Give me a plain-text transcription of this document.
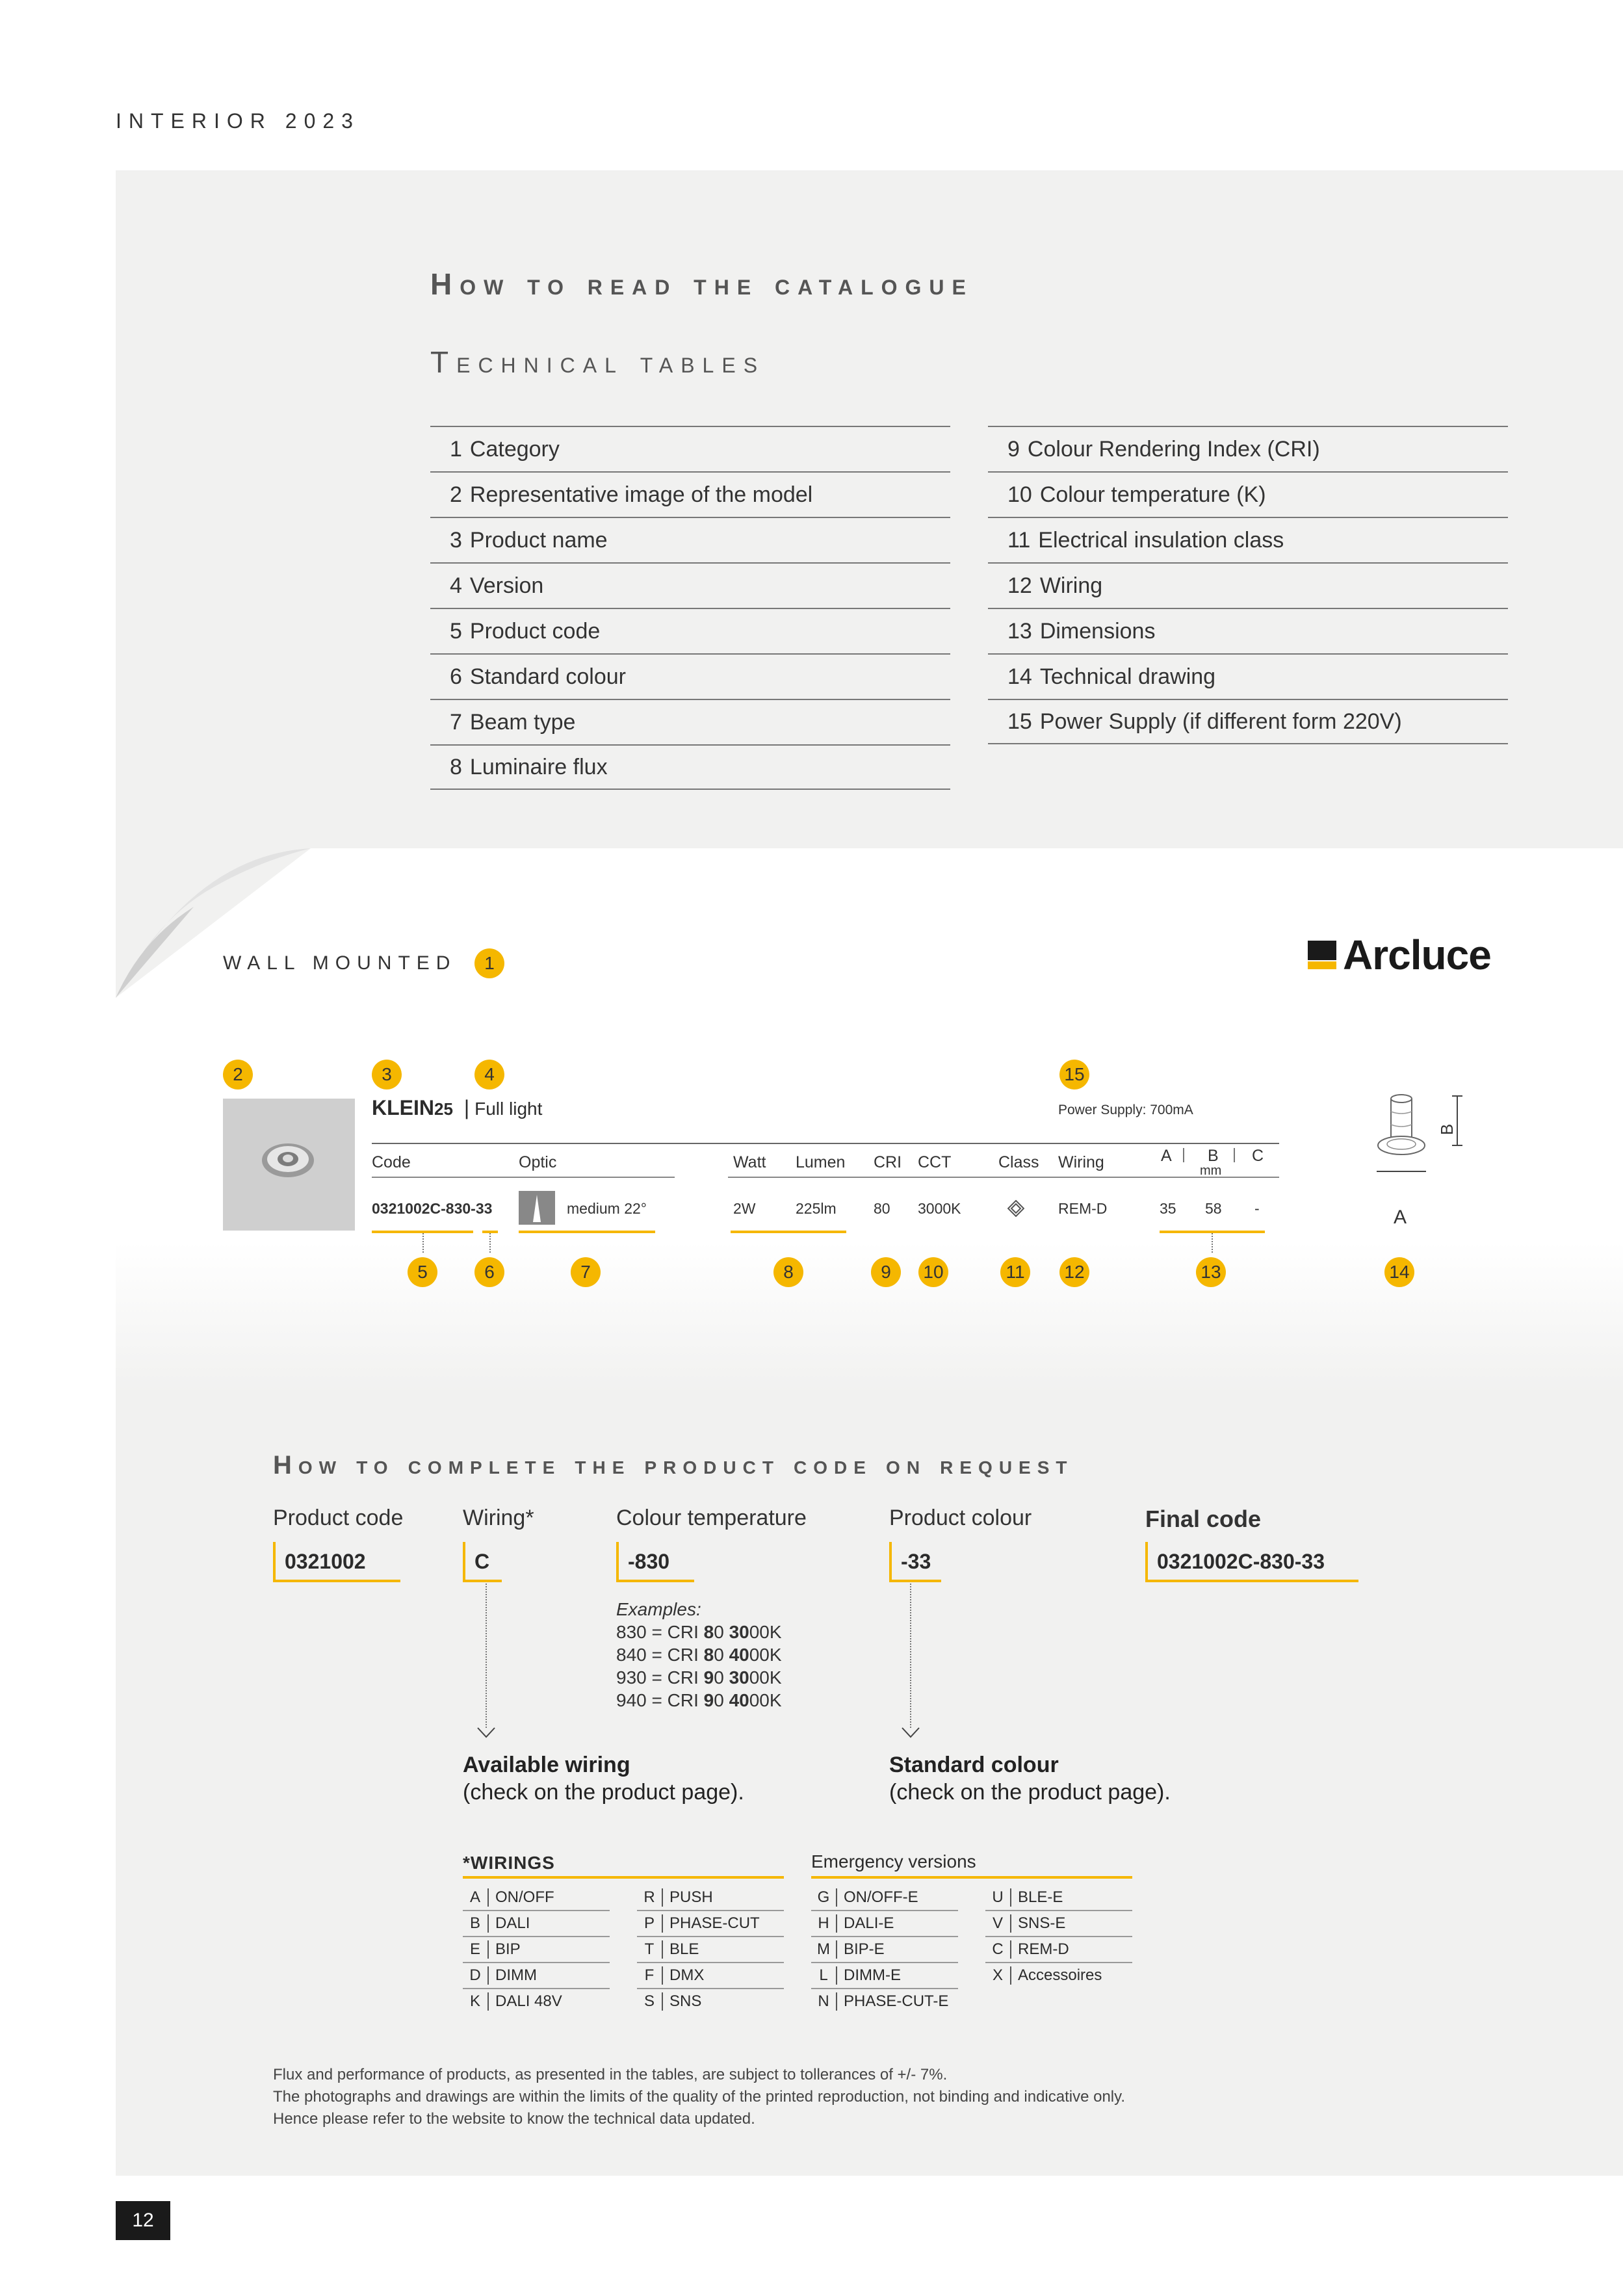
INTERIOR 2023
How to read the catalogue
Technical tables
1 Category
2 Representative image of the model
3 Product name
4 Version
5 Product code
6 Standard colour
7 Beam type
8 Luminaire flux
9 Colour Rendering Index (CRI)
10 Colour temperature (K)
11 Electrical insulation class
12 Wiring
13 Dimensions
14 Technical drawing
15 Power Supply (if different form 220V)
WALL MOUNTED	1	Arcluce
2	3	4	15
KLEIN25 | Full light	Power Supply: 700mA
Code	Optic	Watt Lumen CRI CCT	Class Wiring	A B C
mm
0321002C-830-33	medium 22°	2W	225lm 80 3000K	REM-D	35 58 -
5	6	7	8	9	10	11	12	13	14
B
A
How to complete the product code on request
Product code	Wiring*	Colour temperature	Product colour	Final code
0321002	C	-830	-33	0321002C-830-33
Examples:
830 = CRI 80 3000K
840 = CRI 80 4000K
930 = CRI 90 3000K
940 = CRI 90 4000K
Available wiring
(check on the product page).
Standard colour
(check on the product page).
*WIRINGS	Emergency versions
A ON/OFF
B DALI
E BIP
D DIMM
K DALI 48V
R PUSH
P PHASE-CUT
T BLE
F DMX
S SNS
G ON/OFF-E
H DALI-E
M BIP-E
L	DIMM-E
N PHASE-CUT-E
U BLE-E
V SNS-E
C REM-D
X Accessoires
Flux and performance of products, as presented in the tables, are subject to tollerances of +/- 7%.
The photographs and drawings are within the limits of the quality of the printed reproduction, not binding and indicative only.
Hence please refer to the website to know the technical data updated.
12
